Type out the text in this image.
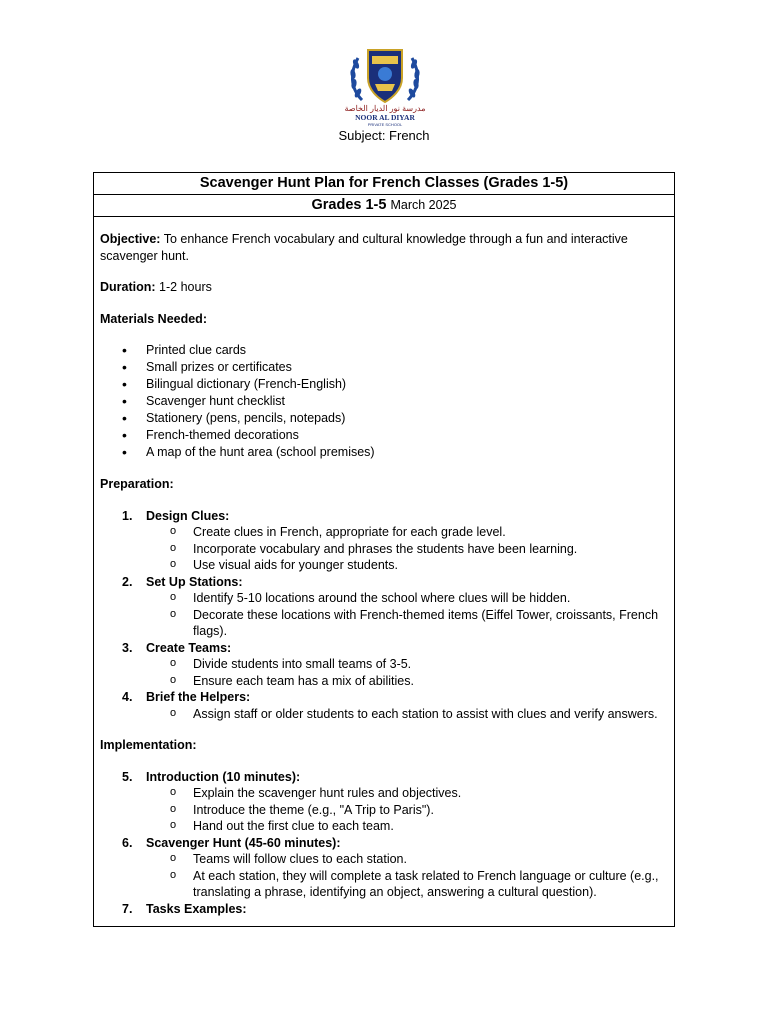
مدرسة نور الديار الخاصة
NOOR AL DIYAR
PRIVATE SCHOOL
Subject: French
Scavenger Hunt Plan for French Classes (Grades 1-5)
Grades 1-5 March 2025

Objective: To enhance French vocabulary and cultural knowledge through a fun and interactive scavenger hunt.

Duration: 1-2 hours

Materials Needed:

• Printed clue cards
• Small prizes or certificates
• Bilingual dictionary (French-English)
• Scavenger hunt checklist
• Stationery (pens, pencils, notepads)
• French-themed decorations
• A map of the hunt area (school premises)

Preparation:

1. Design Clues:
o Create clues in French, appropriate for each grade level.
o Incorporate vocabulary and phrases the students have been learning.
o Use visual aids for younger students.
2. Set Up Stations:
o Identify 5-10 locations around the school where clues will be hidden.
o Decorate these locations with French-themed items (Eiffel Tower, croissants, French flags).
3. Create Teams:
o Divide students into small teams of 3-5.
o Ensure each team has a mix of abilities.
4. Brief the Helpers:
o Assign staff or older students to each station to assist with clues and verify answers.

Implementation:

5. Introduction (10 minutes):
o Explain the scavenger hunt rules and objectives.
o Introduce the theme (e.g., "A Trip to Paris").
o Hand out the first clue to each team.
6. Scavenger Hunt (45-60 minutes):
o Teams will follow clues to each station.
o At each station, they will complete a task related to French language or culture (e.g., translating a phrase, identifying an object, answering a cultural question).
7. Tasks Examples:
